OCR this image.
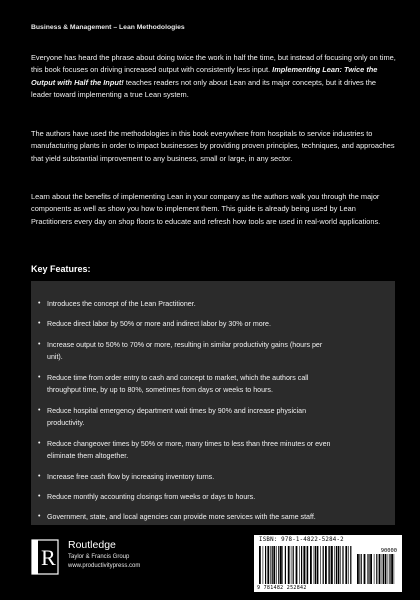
Business & Management – Lean Methodologies

Everyone has heard the phrase about doing twice the work in half the time, but instead of focusing only on time, this book focuses on driving increased output with consistently less input. Implementing Lean: Twice the Output with Half the Input! teaches readers not only about Lean and its major concepts, but it drives the leader toward implementing a true Lean system.

The authors have used the methodologies in this book everywhere from hospitals to service industries to manufacturing plants in order to impact businesses by providing proven principles, techniques, and approaches that yield substantial improvement to any business, small or large, in any sector.

Learn about the benefits of implementing Lean in your company as the authors walk you through the major components as well as show you how to implement them. This guide is already being used by Lean Practitioners every day on shop floors to educate and refresh how tools are used in real-world applications.

Key Features:
• Introduces the concept of the Lean Practitioner.
• Reduce direct labor by 50% or more and indirect labor by 30% or more.
• Increase output to 50% to 70% or more, resulting in similar productivity gains (hours per unit).
• Reduce time from order entry to cash and concept to market, which the authors call throughput time, by up to 80%, sometimes from days or weeks to hours.
• Reduce hospital emergency department wait times by 90% and increase physician productivity.
• Reduce changeover times by 50% or more, many times to less than three minutes or even eliminate them altogether.
• Increase free cash flow by increasing inventory turns.
• Reduce monthly accounting closings from weeks or days to hours.
• Government, state, and local agencies can provide more services with the same staff.
R Routledge
Taylor & Francis Group
www.productivitypress.com
ISBN: 978-1-4822-5284-2
90000
9 781482 252842
